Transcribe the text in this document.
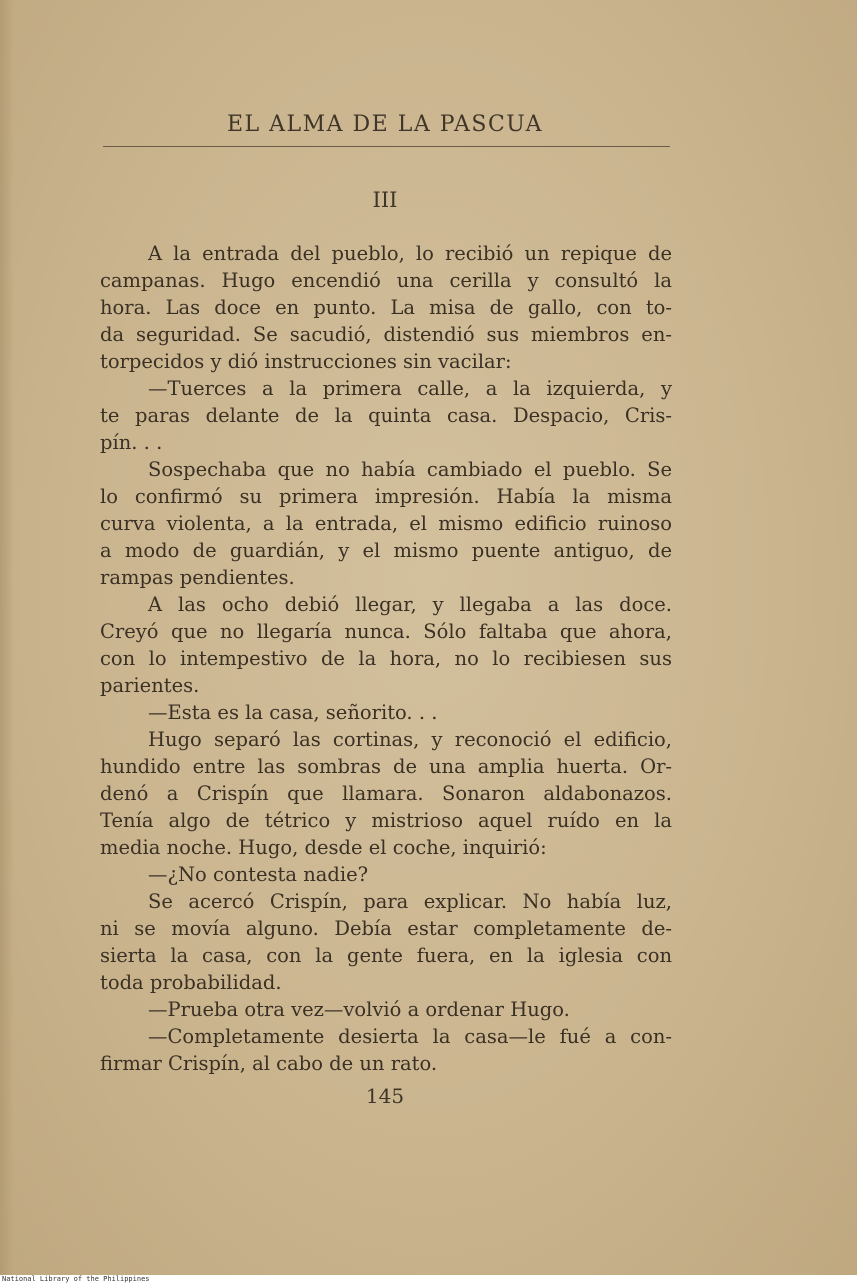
EL ALMA DE LA PASCUA
III
A la entrada del pueblo, lo recibió un repique de
campanas. Hugo encendió una cerilla y consultó la
hora. Las doce en punto. La misa de gallo, con to-
da seguridad. Se sacudió, distendió sus miembros en-
torpecidos y dió instrucciones sin vacilar:
—Tuerces a la primera calle, a la izquierda, y
te paras delante de la quinta casa. Despacio, Cris-
pín. . .
Sospechaba que no había cambiado el pueblo. Se
lo confirmó su primera impresión. Había la misma
curva violenta, a la entrada, el mismo edificio ruinoso
a modo de guardián, y el mismo puente antiguo, de
rampas pendientes.
A las ocho debió llegar, y llegaba a las doce.
Creyó que no llegaría nunca. Sólo faltaba que ahora,
con lo intempestivo de la hora, no lo recibiesen sus
parientes.
—Esta es la casa, señorito. . .
Hugo separó las cortinas, y reconoció el edificio,
hundido entre las sombras de una amplia huerta. Or-
denó a Crispín que llamara. Sonaron aldabonazos.
Tenía algo de tétrico y mistrioso aquel ruído en la
media noche. Hugo, desde el coche, inquirió:
—¿No contesta nadie?
Se acercó Crispín, para explicar. No había luz,
ni se movía alguno. Debía estar completamente de-
sierta la casa, con la gente fuera, en la iglesia con
toda probabilidad.
—Prueba otra vez—volvió a ordenar Hugo.
—Completamente desierta la casa—le fué a con-
firmar Crispín, al cabo de un rato.
145
National Library of the Philippines
